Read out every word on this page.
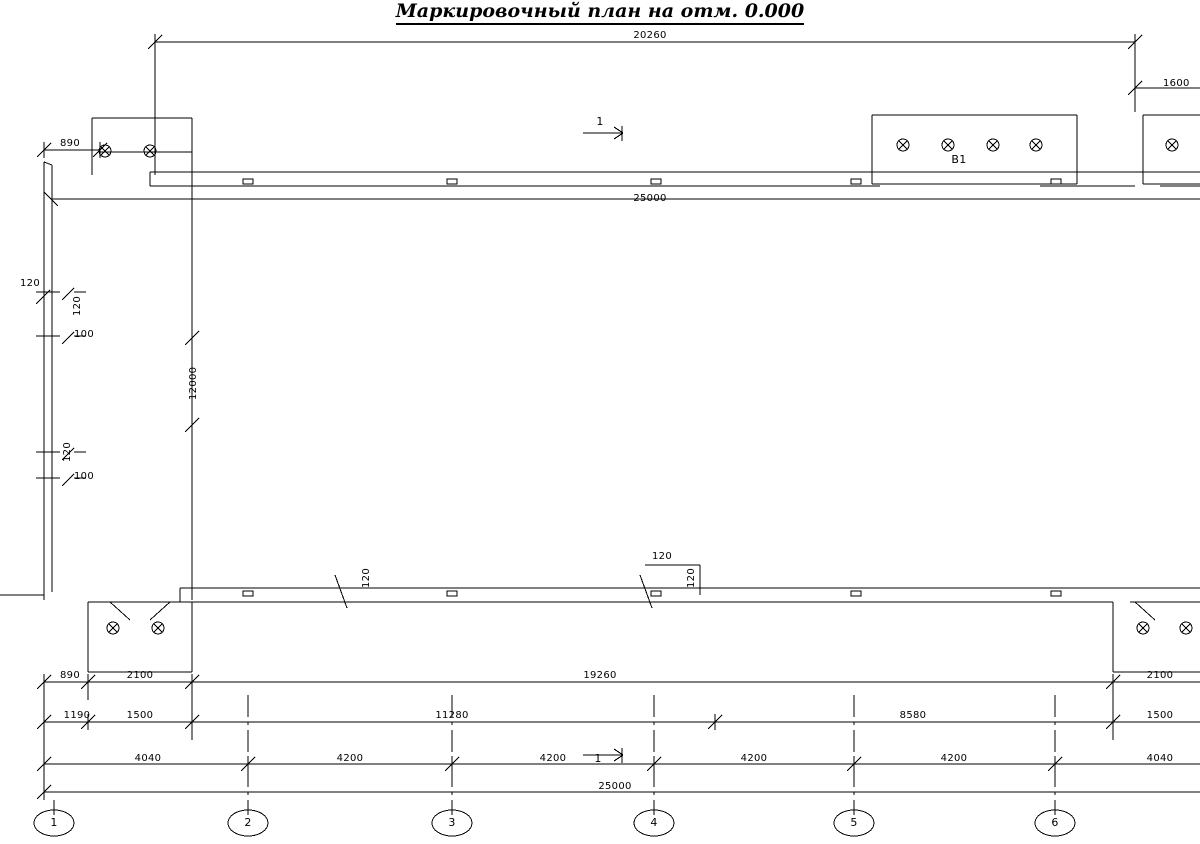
Маркировочный план на отм. 0.000
20260
1600
890
25000
120
120
100
120
100
12000
120
120
120
890	2100	2100
19260
1190	1500	11280	8580	1500
4040	4200	4200	4200	4200	4040
25000
В1
1
1
1	2	3	4	5	6
